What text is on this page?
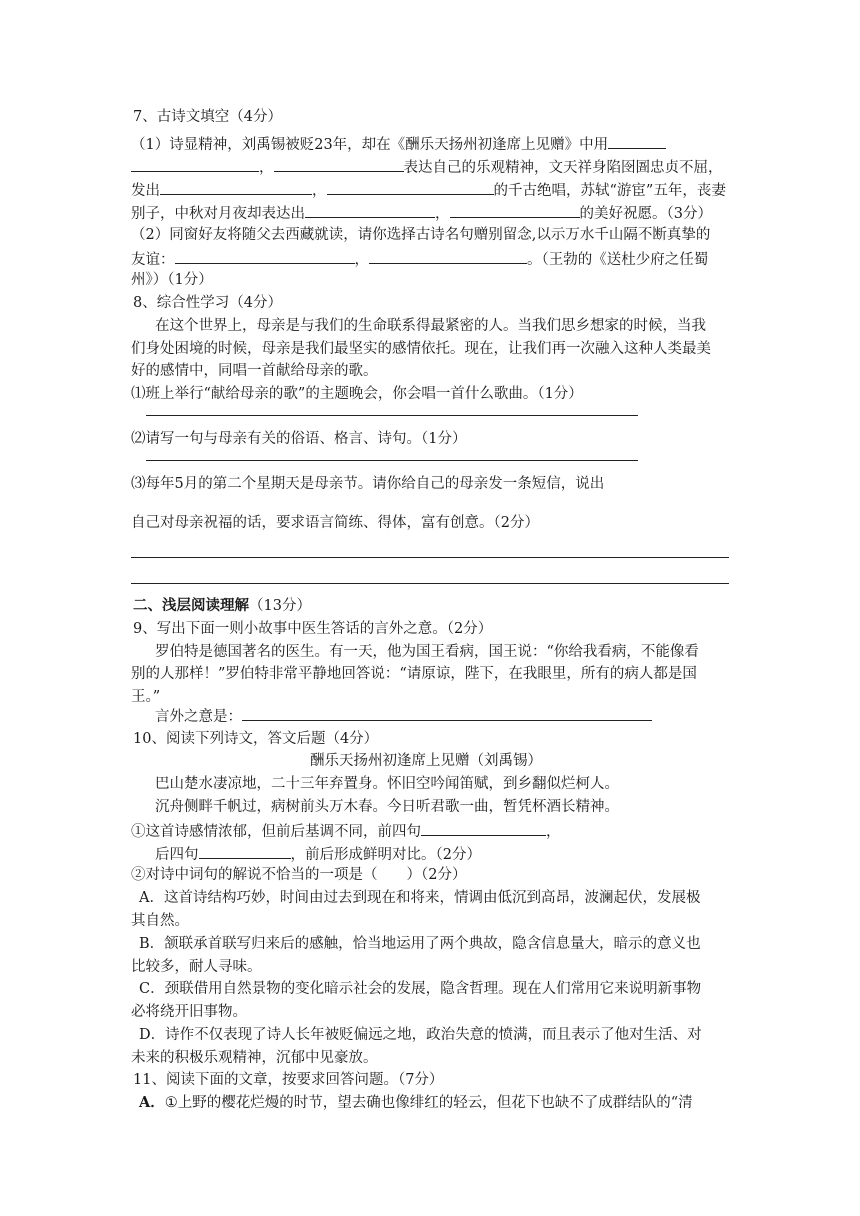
7、古诗文填空（4分）
（1）诗显精神，刘禹锡被贬23年，却在《酬乐天扬州初逢席上见赠》中用
，	表达自己的乐观精神，文天祥身陷囹圄忠贞不屈，
发出	，	的千古绝唱，苏轼“游宦”五年，丧妻
别子，中秋对月夜却表达出	，	的美好祝愿。（3分）
（2）同窗好友将随父去西藏就读，请你选择古诗名句赠别留念,以示万水千山隔不断真挚的
友谊：	，	。（王勃的《送杜少府之任蜀
州》）（1分）
8、综合性学习（4分）
在这个世界上，母亲是与我们的生命联系得最紧密的人。当我们思乡想家的时候，当我
们身处困境的时候，母亲是我们最坚实的感情依托。现在，让我们再一次融入这种人类最美
好的感情中，同唱一首献给母亲的歌。
⑴班上举行“献给母亲的歌”的主题晚会，你会唱一首什么歌曲。（1分）
⑵请写一句与母亲有关的俗语、格言、诗句。（1分）
⑶每年5月的第二个星期天是母亲节。请你给自己的母亲发一条短信，说出
自己对母亲祝福的话，要求语言简练、得体，富有创意。（2分）
二、浅层阅读理解（13分）
9、写出下面一则小故事中医生答话的言外之意。（2分）
罗伯特是德国著名的医生。有一天，他为国王看病，国王说：“你给我看病，不能像看
别的人那样！”罗伯特非常平静地回答说：“请原谅，陛下，在我眼里，所有的病人都是国
王。”
言外之意是：
10、阅读下列诗文，答文后题（4分）
酬乐天扬州初逢席上见赠（刘禹锡）
巴山楚水凄凉地，二十三年弃置身。怀旧空吟闻笛赋，到乡翻似烂柯人。
沉舟侧畔千帆过，病树前头万木春。今日听君歌一曲，暂凭杯酒长精神。
①这首诗感情浓郁，但前后基调不同，前四句	，
后四句	，前后形成鲜明对比。（2分）
②对诗中词句的解说不恰当的一项是（　　）（2分）
A．这首诗结构巧妙，时间由过去到现在和将来，情调由低沉到高昂，波澜起伏，发展极
其自然。
B．颔联承首联写归来后的感触，恰当地运用了两个典故，隐含信息量大，暗示的意义也
比较多，耐人寻味。
C．颈联借用自然景物的变化暗示社会的发展，隐含哲理。现在人们常用它来说明新事物
必将绕开旧事物。
D．诗作不仅表现了诗人长年被贬偏远之地，政治失意的愤满，而且表示了他对生活、对
未来的积极乐观精神，沉郁中见豪放。
11、阅读下面的文章，按要求回答问题。（7分）
A．①上野的樱花烂熳的时节，望去确也像绯红的轻云，但花下也缺不了成群结队的“清
